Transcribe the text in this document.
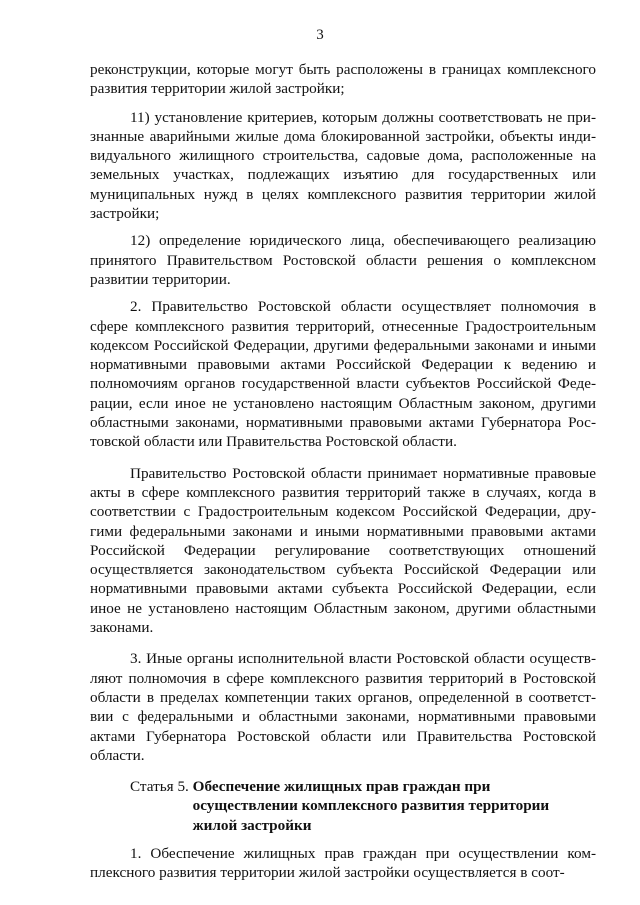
3

реконструкции, которые могут быть расположены в границах комплексного развития территории жилой застройки;

11) установление критериев, которым должны соответствовать не признанные аварийными жилые дома блокированной застройки, объекты индивидуального жилищного строительства, садовые дома, расположенные на земельных участках, подлежащих изъятию для государственных или муниципальных нужд в целях комплексного развития территории жилой застройки;

12) определение юридического лица, обеспечивающего реализацию принятого Правительством Ростовской области решения о комплексном развитии территории.

2. Правительство Ростовской области осуществляет полномочия в сфере комплексного развития территорий, отнесенные Градостроительным кодексом Российской Федерации, другими федеральными законами и иными нормативными правовыми актами Российской Федерации к ведению и полномочиям органов государственной власти субъектов Российской Федерации, если иное не установлено настоящим Областным законом, другими областными законами, нормативными правовыми актами Губернатора Ростовской области или Правительства Ростовской области.

Правительство Ростовской области принимает нормативные правовые акты в сфере комплексного развития территорий также в случаях, когда в соответствии с Градостроительным кодексом Российской Федерации, другими федеральными законами и иными нормативными правовыми актами Российской Федерации регулирование соответствующих отношений осуществляется законодательством субъекта Российской Федерации или нормативными правовыми актами субъекта Российской Федерации, если иное не установлено настоящим Областным законом, другими областными законами.

3. Иные органы исполнительной власти Ростовской области осуществляют полномочия в сфере комплексного развития территорий в Ростовской области в пределах компетенции таких органов, определенной в соответствии с федеральными и областными законами, нормативными правовыми актами Губернатора Ростовской области или Правительства Ростовской области.

Статья 5. Обеспечение жилищных прав граждан при
осуществлении комплексного развития территории
жилой застройки

1. Обеспечение жилищных прав граждан при осуществлении комплексного развития территории жилой застройки осуществляется в соот-
